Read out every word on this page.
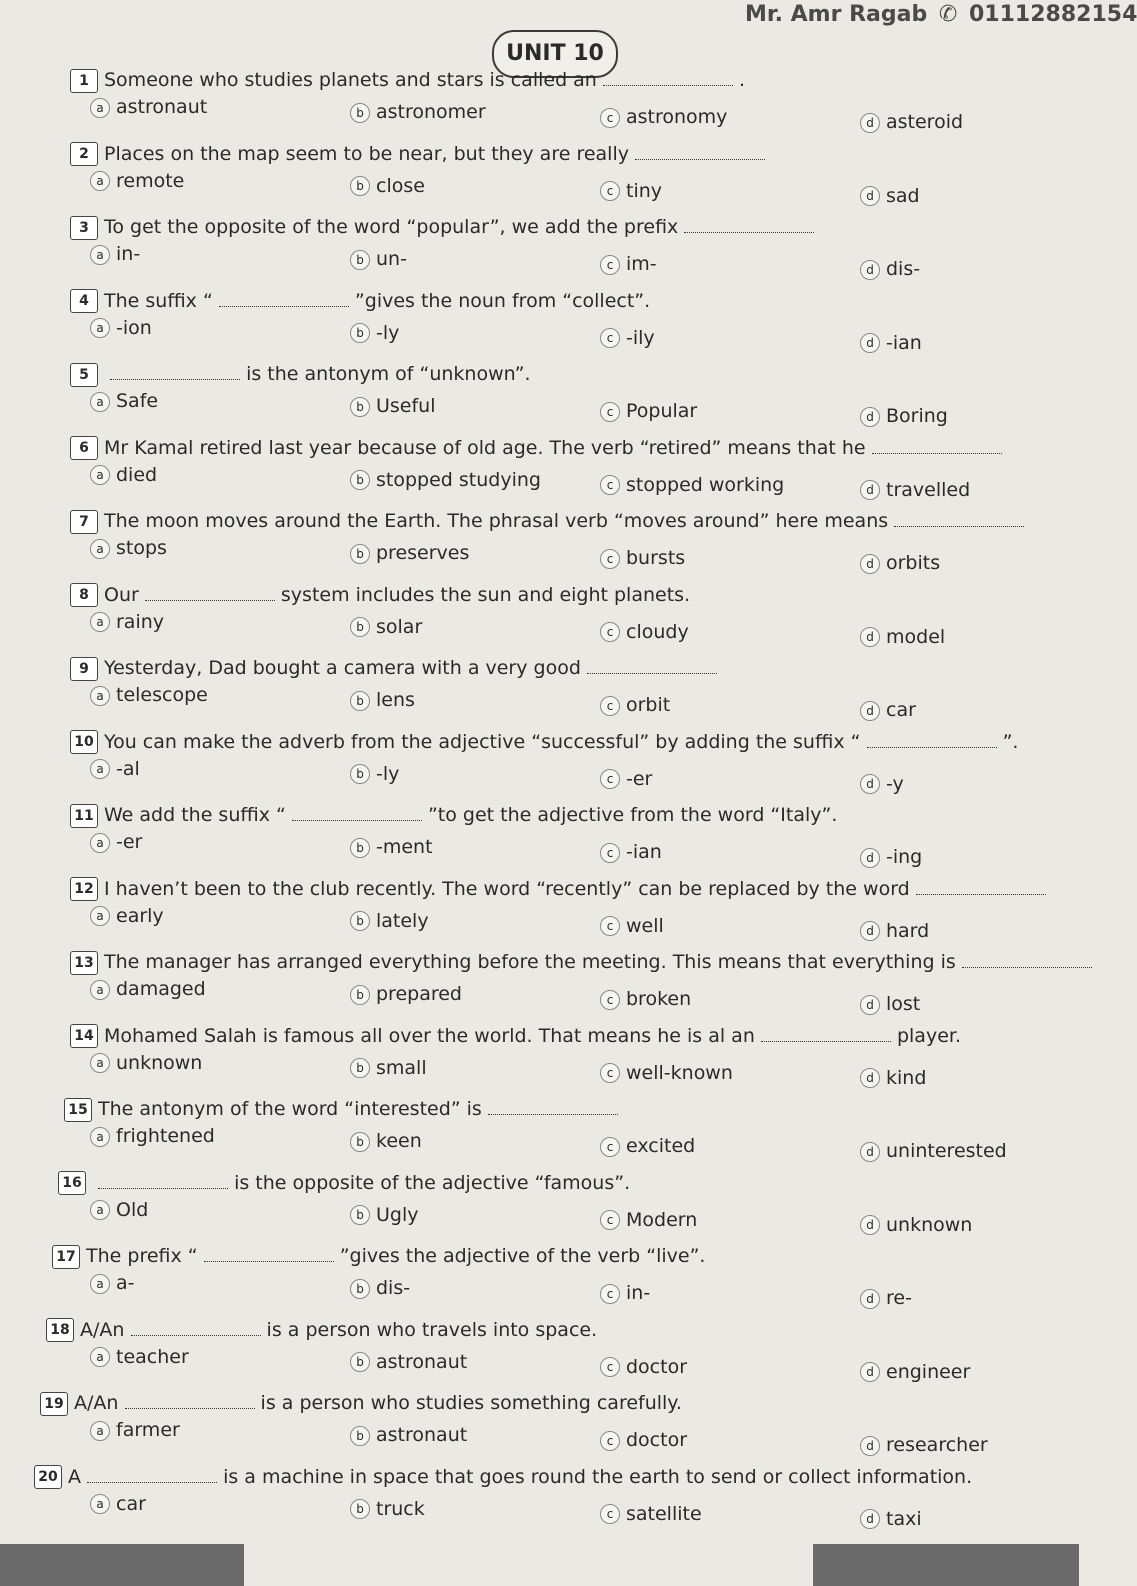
Mr. Amr Ragab ✆ 01112882154
UNIT 10
1 Someone who studies planets and stars is called an	.
a astronaut	b astronomer	c astronomy	d asteroid
2 Places on the map seem to be near, but they are really
a remote	b close	c tiny	d sad
3 To get the opposite of the word “popular”, we add the prefix
a in-	b un-	c im-	d dis-
4 The suffix “	”gives the noun from “collect”.
a -ion	b -ly	c -ily	d -ian
5	is the antonym of “unknown”.
a Safe	b Useful	c Popular	d Boring
6 Mr Kamal retired last year because of old age. The verb “retired” means that he
a died	b stopped studying	c stopped working	d travelled
7 The moon moves around the Earth. The phrasal verb “moves around” here means
a stops	b preserves	c bursts	d orbits
8 Our	system includes the sun and eight planets.
a rainy	b solar	c cloudy	d model
9 Yesterday, Dad bought a camera with a very good
a telescope	b lens	c orbit	d car
10 You can make the adverb from the adjective “successful” by adding the suffix “	”.
a -al	b -ly	c -er	d -y
11 We add the suffix “	”to get the adjective from the word “Italy”.
a -er	b -ment	c -ian	d -ing
12 I haven’t been to the club recently. The word “recently” can be replaced by the word
a early	b lately	c well	d hard
13 The manager has arranged everything before the meeting. This means that everything is
a damaged	b prepared	c broken	d lost
14 Mohamed Salah is famous all over the world. That means he is al an	player.
a unknown	b small	c well-known	d kind
15 The antonym of the word “interested” is
a frightened	b keen	c excited	d uninterested
16	is the opposite of the adjective “famous”.
a Old	b Ugly	c Modern	d unknown
17 The prefix “	”gives the adjective of the verb “live”.
a a-	b dis-	c in-	d re-
18 A/An	is a person who travels into space.
a teacher	b astronaut	c doctor	d engineer
19 A/An	is a person who studies something carefully.
a farmer	b astronaut	c doctor	d researcher
20 A	is a machine in space that goes round the earth to send or collect information.
a car	b truck	c satellite	d taxi
